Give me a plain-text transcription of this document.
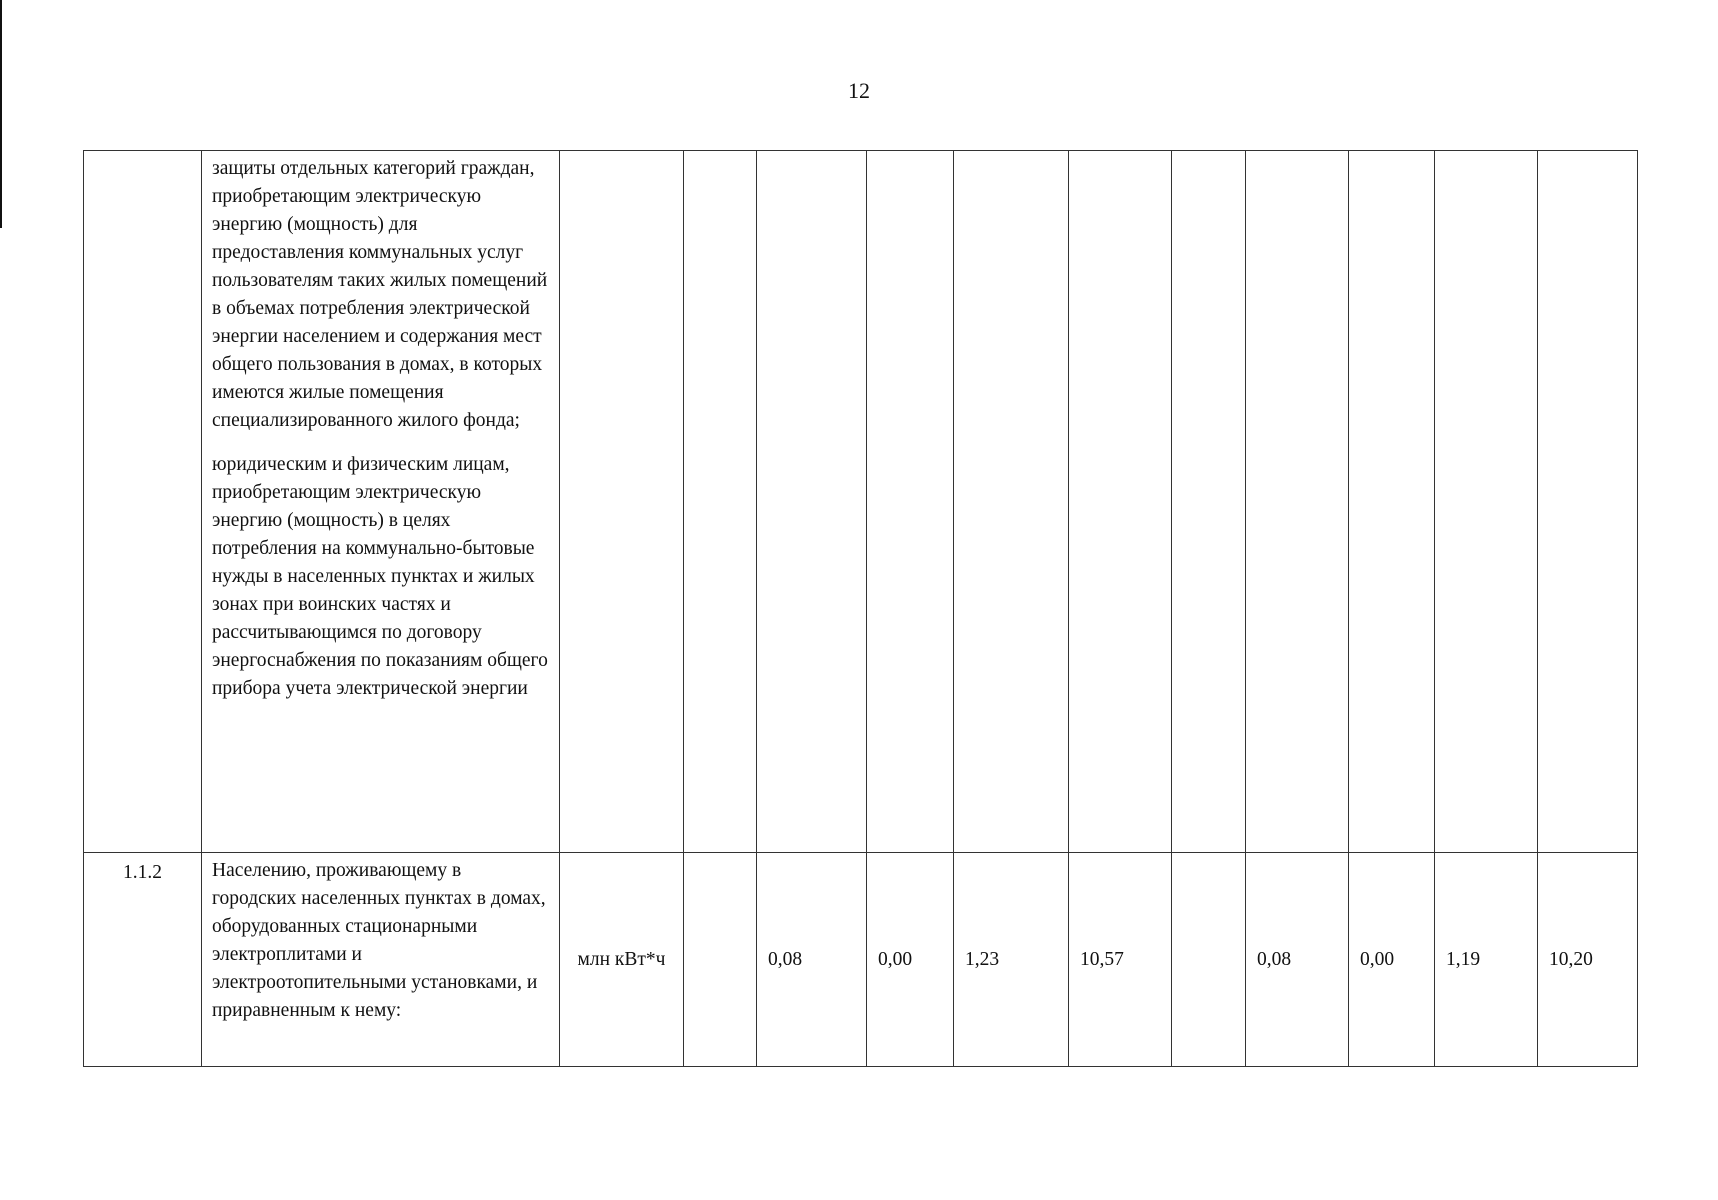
12

	защиты отдельных категорий граждан, приобретающим электрическую энергию (мощность) для предоставления коммунальных услуг пользователям таких жилых помещений в объемах потребления электрической энергии населением и содержания мест общего пользования в домах, в которых имеются жилые помещения специализированного жилого фонда;

юридическим и физическим лицам, приобретающим электрическую энергию (мощность) в целях потребления на коммунально-бытовые нужды в населенных пунктах и жилых зонах при воинских частях и рассчитывающимся по договору энергоснабжения по показаниям общего прибора учета электрической энергии											

1.1.2	Населению, проживающему в городских населенных пунктах в домах, оборудованных стационарными электроплитами и электроотопительными установками, и приравненным к нему:	млн кВт*ч		0,08	0,00	1,23	10,57		0,08	0,00	1,19	10,20
